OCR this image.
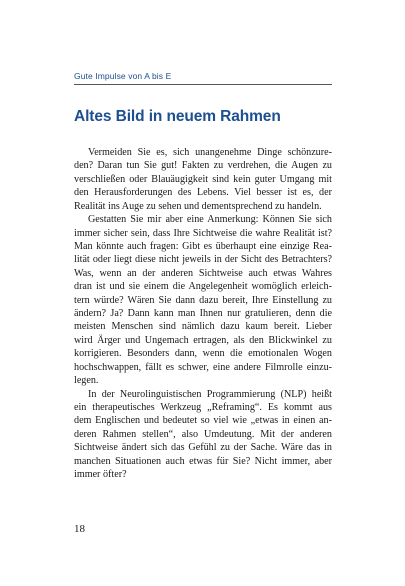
Gute Impulse von A bis E
Altes Bild in neuem Rahmen
Vermeiden Sie es, sich unangenehme Dinge schönzure-
den? Daran tun Sie gut! Fakten zu verdrehen, die Augen zu
verschließen oder Blauäugigkeit sind kein guter Umgang mit
den Herausforderungen des Lebens. Viel besser ist es, der
Realität ins Auge zu sehen und dementsprechend zu handeln.
Gestatten Sie mir aber eine Anmerkung: Können Sie sich
immer sicher sein, dass Ihre Sichtweise die wahre Realität ist?
Man könnte auch fragen: Gibt es überhaupt eine einzige Rea-
lität oder liegt diese nicht jeweils in der Sicht des Betrachters?
Was, wenn an der anderen Sichtweise auch etwas Wahres
dran ist und sie einem die Angelegenheit womöglich erleich-
tern würde? Wären Sie dann dazu bereit, Ihre Einstellung zu
ändern? Ja? Dann kann man Ihnen nur gratulieren, denn die
meisten Menschen sind nämlich dazu kaum bereit. Lieber
wird Ärger und Ungemach ertragen, als den Blickwinkel zu
korrigieren. Besonders dann, wenn die emotionalen Wogen
hochschwappen, fällt es schwer, eine andere Filmrolle einzu-
legen.
In der Neurolinguistischen Programmierung (NLP) heißt
ein therapeutisches Werkzeug „Reframing“. Es kommt aus
dem Englischen und bedeutet so viel wie „etwas in einen an-
deren Rahmen stellen“, also Umdeutung. Mit der anderen
Sichtweise ändert sich das Gefühl zu der Sache. Wäre das in
manchen Situationen auch etwas für Sie? Nicht immer, aber
immer öfter?
18
